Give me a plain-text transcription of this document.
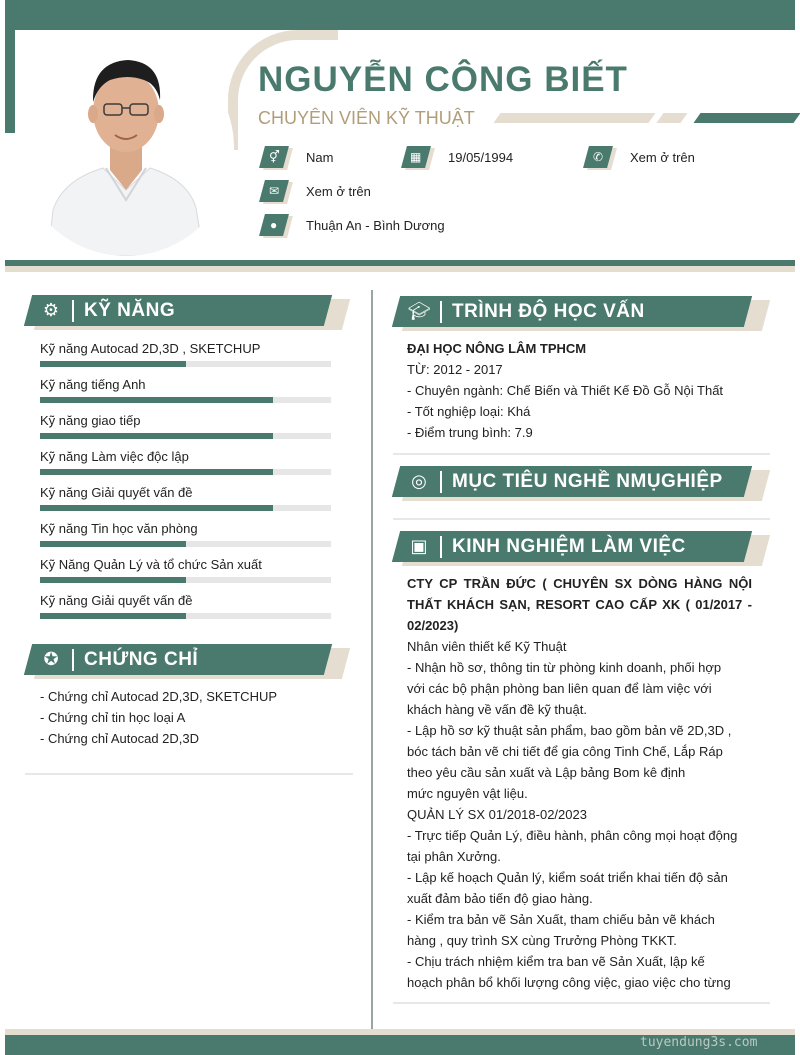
NGUYỄN CÔNG BIẾT
CHUYÊN VIÊN KỸ THUẬT
⚥ Nam	▦ 19/05/1994	✆ Xem ở trên
✉ Xem ở trên
● Thuận An - Bình Dương
⚙ KỸ NĂNG
Kỹ năng Autocad 2D,3D , SKETCHUP
Kỹ năng tiếng Anh
Kỹ năng giao tiếp
Kỹ năng Làm việc độc lập
Kỹ năng Giải quyết vấn đề
Kỹ năng Tin học văn phòng
Kỹ Năng Quản Lý và tổ chức Sản xuất
Kỹ năng Giải quyết vấn đề
✪ CHỨNG CHỈ
- Chứng chỉ Autocad 2D,3D, SKETCHUP
- Chứng chỉ tin học loại A
- Chứng chỉ Autocad 2D,3D
🎓︎ TRÌNH ĐỘ HỌC VẤN
ĐẠI HỌC NÔNG LÂM TPHCM
TỪ: 2012 - 2017
- Chuyên ngành: Chế Biến và Thiết Kế Đồ Gỗ Nội Thất
- Tốt nghiệp loại: Khá
- Điểm trung bình: 7.9
◎ MỤC TIÊU NGHỀ NMỤGHIỆP
▣ KINH NGHIỆM LÀM VIỆC
CTY CP TRẦN ĐỨC ( CHUYÊN SX DÒNG HÀNG NỘI THẤT KHÁCH SẠN, RESORT CAO CẤP XK ( 01/2017 - 02/2023)
Nhân viên thiết kế Kỹ Thuật
- Nhận hồ sơ, thông tin từ phòng kinh doanh, phối hợp
với các bộ phận phòng ban liên quan để làm việc với
khách hàng về vấn đề kỹ thuật.
- Lập hồ sơ kỹ thuật sản phẩm, bao gồm bản vẽ 2D,3D ,
bóc tách bản vẽ chi tiết để gia công Tinh Chế, Lắp Ráp
theo yêu cầu sản xuất và Lập bảng Bom kê định
mức nguyên vật liệu.
QUẢN LÝ SX 01/2018-02/2023
- Trực tiếp Quản Lý, điều hành, phân công mọi hoạt động
tại phân Xưởng.
- Lập kế hoạch Quản lý, kiểm soát triển khai tiến độ sản
xuất đảm bảo tiến độ giao hàng.
- Kiểm tra bản vẽ Sản Xuất, tham chiếu bản vẽ khách
hàng , quy trình SX cùng Trưởng Phòng TKKT.
- Chịu trách nhiệm kiểm tra ban vẽ Sản Xuất, lập kế
hoạch phân bổ khối lượng công việc, giao việc cho từng
tuyendung3s.com
